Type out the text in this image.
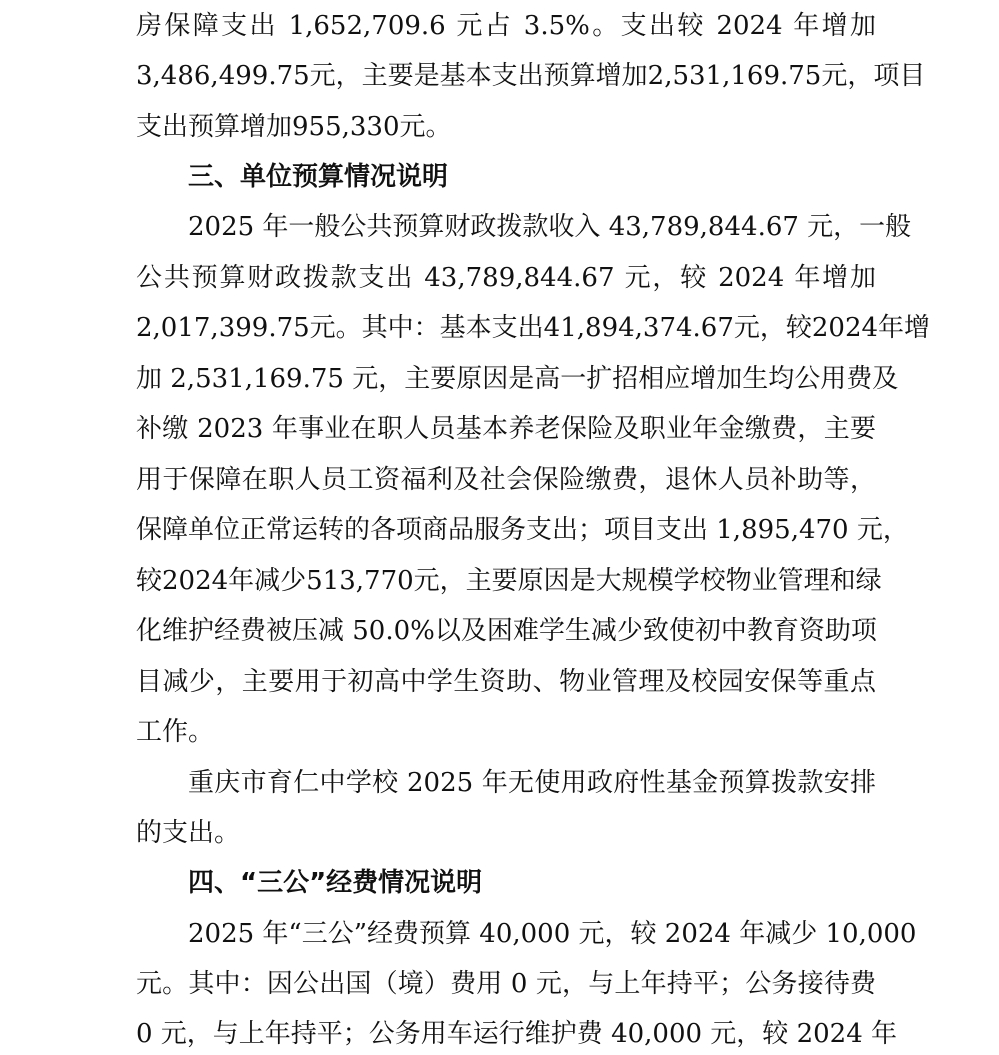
房保障支出 1,652,709.6 元占 3.5%。支出较 2024 年增加
3,486,499.75元，主要是基本支出预算增加2,531,169.75元，项目
支出预算增加955,330元。
三、单位预算情况说明
2025 年一般公共预算财政拨款收入 43,789,844.67 元，一般
公共预算财政拨款支出 43,789,844.67 元，较 2024 年增加
2,017,399.75元。其中：基本支出41,894,374.67元，较2024年增
加 2,531,169.75 元，主要原因是高一扩招相应增加生均公用费及
补缴 2023 年事业在职人员基本养老保险及职业年金缴费，主要
用于保障在职人员工资福利及社会保险缴费，退休人员补助等，
保障单位正常运转的各项商品服务支出；项目支出 1,895,470 元，
较2024年减少513,770元，主要原因是大规模学校物业管理和绿
化维护经费被压减 50.0%以及困难学生减少致使初中教育资助项
目减少，主要用于初高中学生资助、物业管理及校园安保等重点
工作。
重庆市育仁中学校 2025 年无使用政府性基金预算拨款安排
的支出。
四、“三公”经费情况说明
2025 年“三公”经费预算 40,000 元，较 2024 年减少 10,000
元。其中：因公出国（境）费用 0 元，与上年持平；公务接待费
0 元，与上年持平；公务用车运行维护费 40,000 元，较 2024 年
